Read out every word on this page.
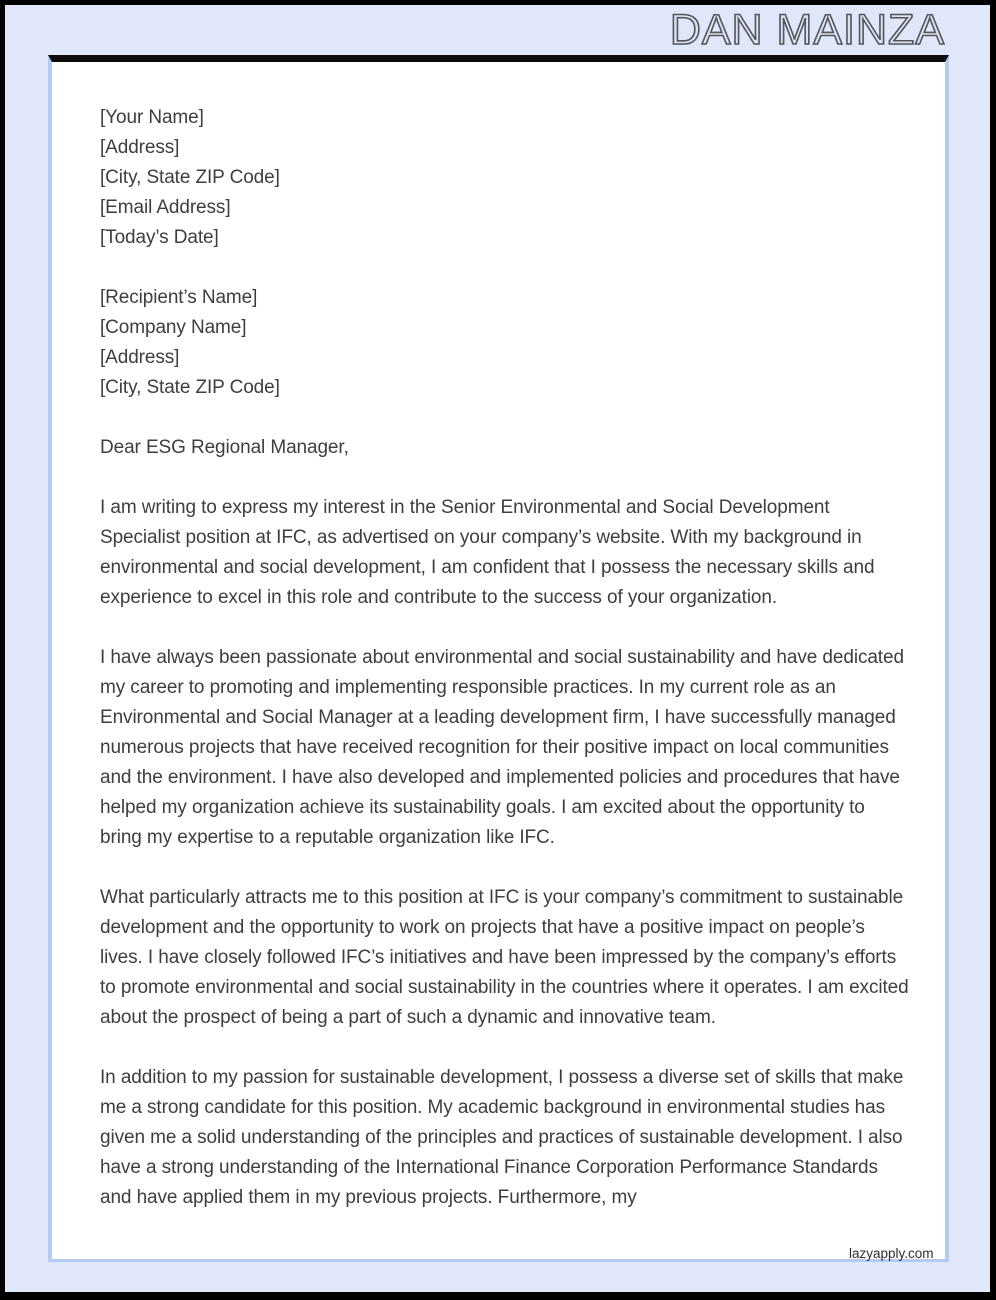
DAN MAINZA
[Your Name]
[Address]
[City, State ZIP Code]
[Email Address]
[Today’s Date]
[Recipient’s Name]
[Company Name]
[Address]
[City, State ZIP Code]
Dear ESG Regional Manager,

I am writing to express my interest in the Senior Environmental and Social Development Specialist position at IFC, as advertised on your company’s website. With my background in environmental and social development, I am confident that I possess the necessary skills and experience to excel in this role and contribute to the success of your organization.

I have always been passionate about environmental and social sustainability and have dedicated my career to promoting and implementing responsible practices. In my current role as an Environmental and Social Manager at a leading development firm, I have successfully managed numerous projects that have received recognition for their positive impact on local communities and the environment. I have also developed and implemented policies and procedures that have helped my organization achieve its sustainability goals. I am excited about the opportunity to bring my expertise to a reputable organization like IFC.

What particularly attracts me to this position at IFC is your company’s commitment to sustainable development and the opportunity to work on projects that have a positive impact on people’s lives. I have closely followed IFC’s initiatives and have been impressed by the company’s efforts to promote environmental and social sustainability in the countries where it operates. I am excited about the prospect of being a part of such a dynamic and innovative team.

In addition to my passion for sustainable development, I possess a diverse set of skills that make me a strong candidate for this position. My academic background in environmental studies has given me a solid understanding of the principles and practices of sustainable development. I also have a strong understanding of the International Finance Corporation Performance Standards and have applied them in my previous projects. Furthermore, my

lazyapply.com
